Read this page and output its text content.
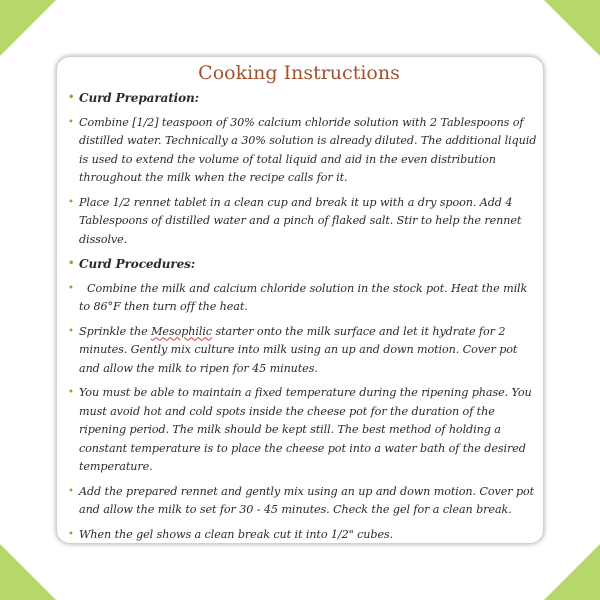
Cooking Instructions
• Curd Preparation:
• Combine [1/2] teaspoon of 30% calcium chloride solution with 2 Tablespoons of distilled water. Technically a 30% solution is already diluted. The additional liquid is used to extend the volume of total liquid and aid in the even distribution throughout the milk when the recipe calls for it.
• Place 1/2 rennet tablet in a clean cup and break it up with a dry spoon. Add 4 Tablespoons of distilled water and a pinch of flaked salt. Stir to help the rennet dissolve.
• Curd Procedures:
• Combine the milk and calcium chloride solution in the stock pot. Heat the milk to 86°F then turn off the heat.
• Sprinkle the Mesophilic starter onto the milk surface and let it hydrate for 2 minutes. Gently mix culture into milk using an up and down motion. Cover pot and allow the milk to ripen for 45 minutes.
• You must be able to maintain a fixed temperature during the ripening phase. You must avoid hot and cold spots inside the cheese pot for the duration of the ripening period. The milk should be kept still. The best method of holding a constant temperature is to place the cheese pot into a water bath of the desired temperature.
• Add the prepared rennet and gently mix using an up and down motion. Cover pot and allow the milk to set for 30 - 45 minutes. Check the gel for a clean break.
• When the gel shows a clean break cut it into 1/2" cubes.
